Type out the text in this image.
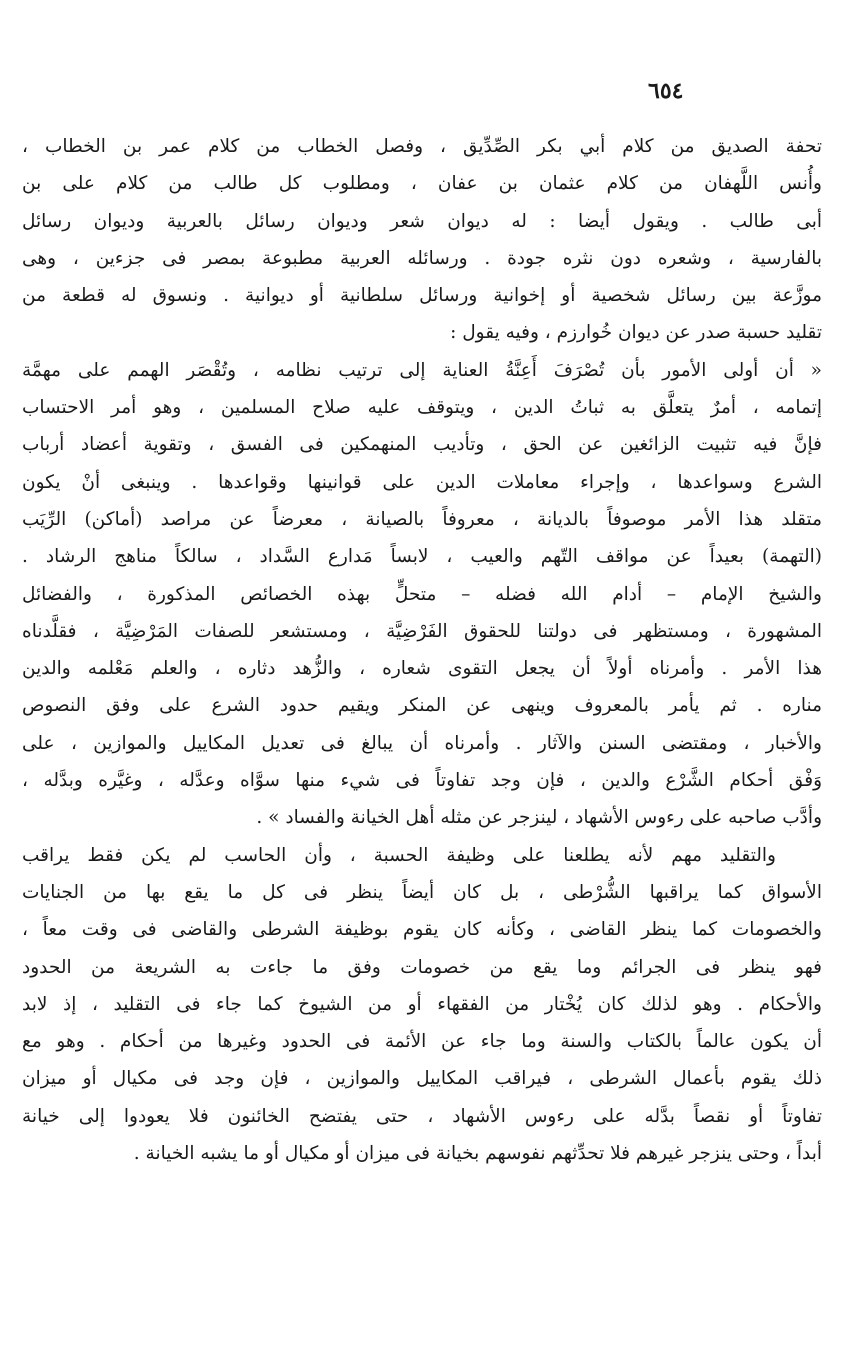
٦٥٤
تحفة الصديق من كلام أبي بكر الصِّدِّيق ، وفصل الخطاب من كلام عمر بن الخطاب ،
وأُنس اللَّهفان من كلام عثمان بن عفان ، ومطلوب كل طالب من كلام على بن
أبى طالب . ويقول أيضا : له ديوان شعر وديوان رسائل بالعربية وديوان رسائل
بالفارسية ، وشعره دون نثره جودة . ورسائله العربية مطبوعة بمصر فى جزءين ، وهى
موزَّعة بين رسائل شخصية أو إخوانية ورسائل سلطانية أو ديوانية . ونسوق له قطعة من
تقليد حسبة صدر عن ديوان خُوارزم ، وفيه يقول :
« أن أولى الأمور بأن تُصْرَفَ أَعِنَّةُ العناية إلى ترتيب نظامه ، وتُقْصَر الهمم على مهمَّة
إتمامه ، أمرٌ يتعلَّق به ثباتُ الدين ، ويتوقف عليه صلاح المسلمين ، وهو أمر الاحتساب
فإنَّ فيه تثبيت الزائغين عن الحق ، وتأديب المنهمكين فى الفسق ، وتقوية أعضاد أرباب
الشرع وسواعدها ، وإجراء معاملات الدين على قوانينها وقواعدها . وينبغى أنْ يكون
متقلد هذا الأمر موصوفاً بالديانة ، معروفاً بالصيانة ، معرضاً عن مراصد (أماكن) الرِّيَب
(التهمة) بعيداً عن مواقف التّهم والعيب ، لابساً مَدارع السَّداد ، سالكاً مناهج الرشاد .
والشيخ الإمام – أدام الله فضله – متحلٍّ بهذه الخصائص المذكورة ، والفضائل
المشهورة ، ومستظهر فى دولتنا للحقوق الفَرْضِيَّة ، ومستشعر للصفات المَرْضِيَّة ، فقلَّدناه
هذا الأمر . وأمرناه أولاً أن يجعل التقوى شعاره ، والزُّهد دثاره ، والعلم مَعْلمه والدين
مناره . ثم يأمر بالمعروف وينهى عن المنكر ويقيم حدود الشرع على وفق النصوص
والأخبار ، ومقتضى السنن والآثار . وأمرناه أن يبالغ فى تعديل المكاييل والموازين ، على
وَفْق أحكام الشَّرْع والدين ، فإن وجد تفاوتاً فى شيء منها سوَّاه وعدَّله ، وغيَّره وبدَّله ،
وأدَّب صاحبه على رءوس الأشهاد ، لينزجر عن مثله أهل الخيانة والفساد » .
والتقليد مهم لأنه يطلعنا على وظيفة الحسبة ، وأن الحاسب لم يكن فقط يراقب
الأسواق كما يراقبها الشُّرْطى ، بل كان أيضاً ينظر فى كل ما يقع بها من الجنايات
والخصومات كما ينظر القاضى ، وكأنه كان يقوم بوظيفة الشرطى والقاضى فى وقت معاً ،
فهو ينظر فى الجرائم وما يقع من خصومات وفق ما جاءت به الشريعة من الحدود
والأحكام . وهو لذلك كان يُخْتار من الفقهاء أو من الشيوخ كما جاء فى التقليد ، إذ لابد
أن يكون عالماً بالكتاب والسنة وما جاء عن الأئمة فى الحدود وغيرها من أحكام . وهو مع
ذلك يقوم بأعمال الشرطى ، فيراقب المكاييل والموازين ، فإن وجد فى مكيال أو ميزان
تفاوتاً أو نقصاً بدَّله على رءوس الأشهاد ، حتى يفتضح الخائنون فلا يعودوا إلى خيانة
أبداً ، وحتى ينزجر غيرهم فلا تحدِّثهم نفوسهم بخيانة فى ميزان أو مكيال أو ما يشبه الخيانة .
